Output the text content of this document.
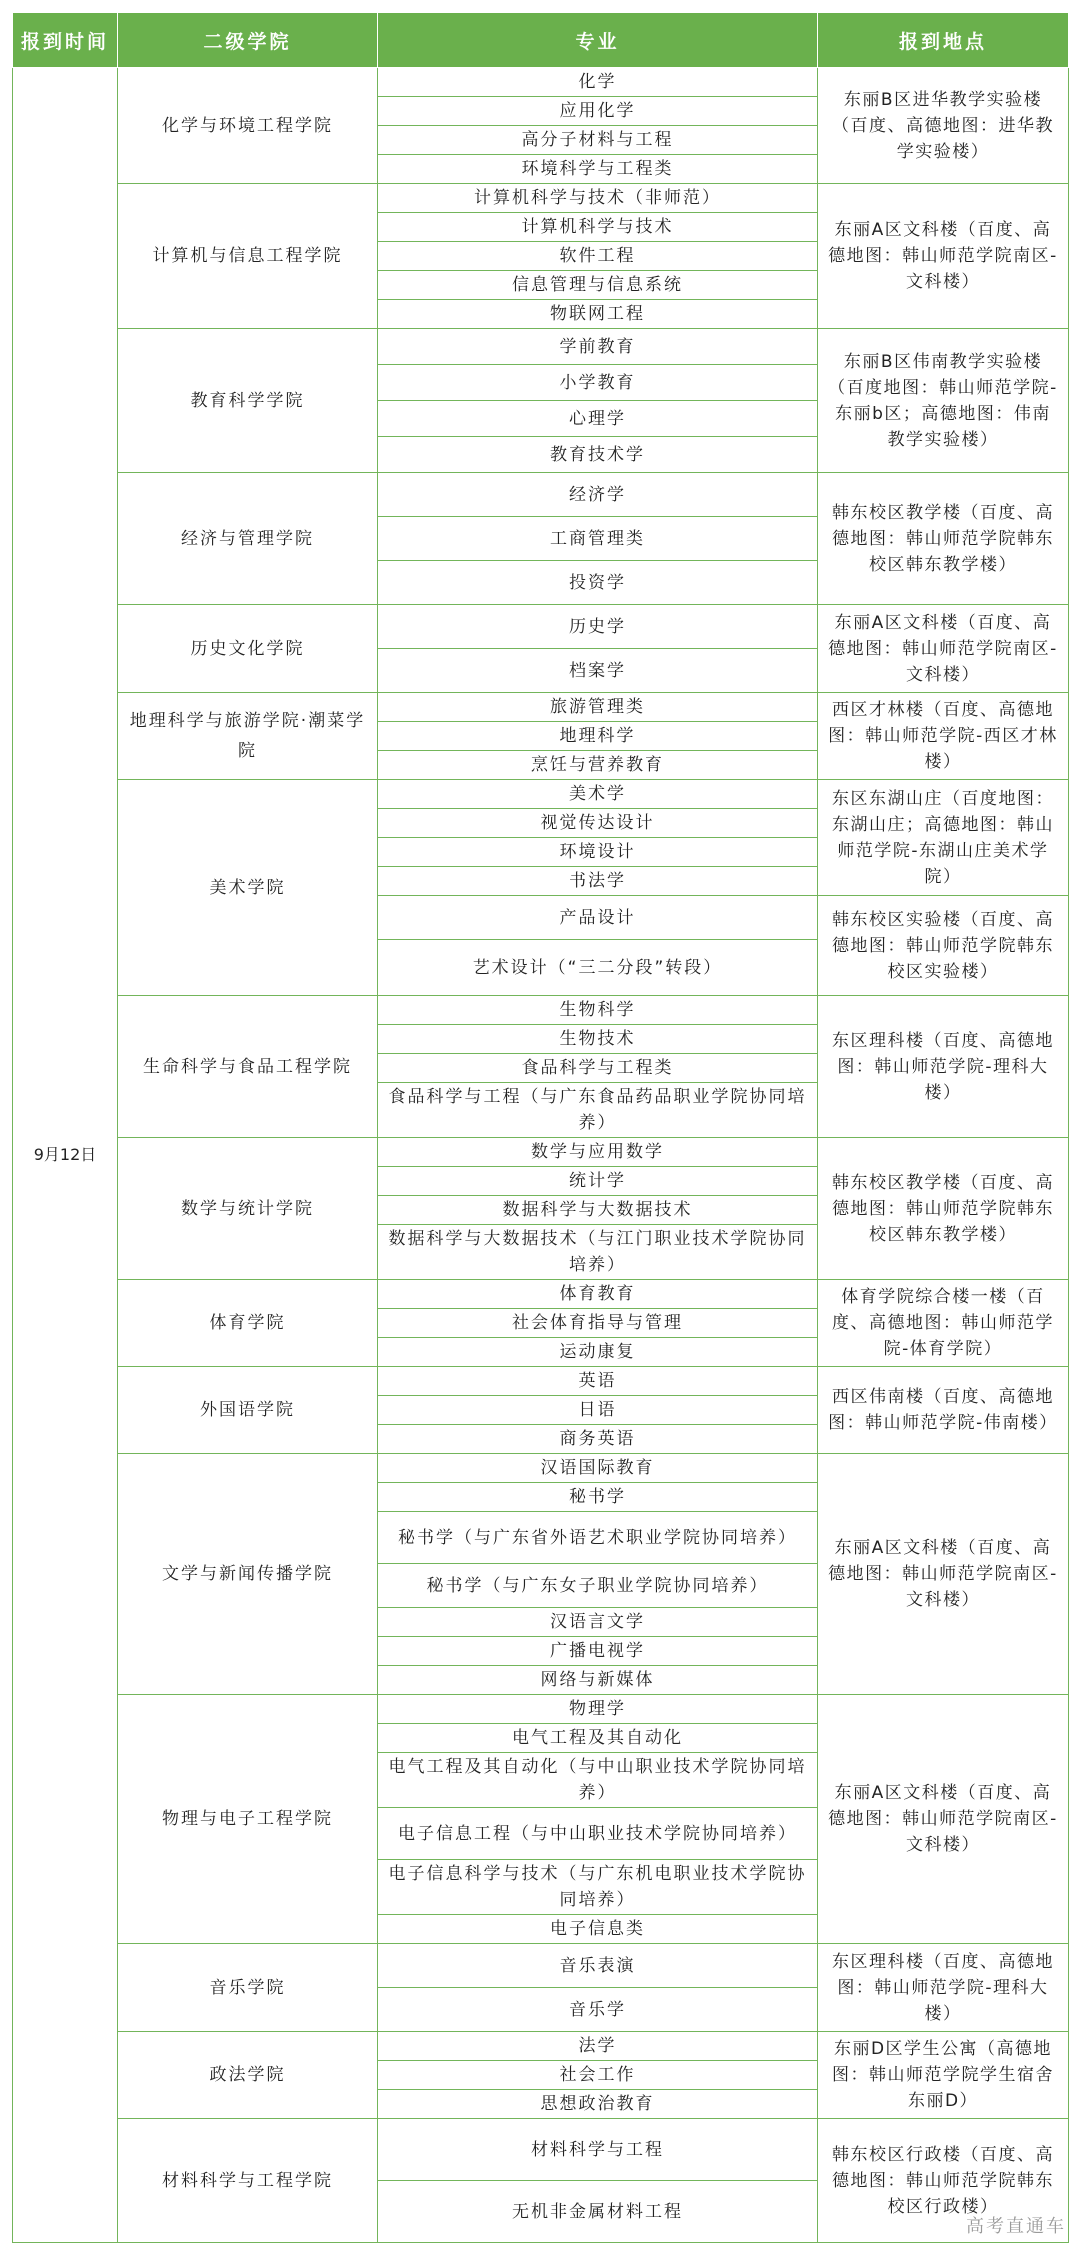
报到时间	二级学院	专业	报到地点
9月12日	化学与环境工程学院	化学	东丽B区进华教学实验楼（百度、高德地图：进华教学实验楼）
		应用化学	
		高分子材料与工程	
		环境科学与工程类	
	计算机与信息工程学院	计算机科学与技术（非师范）	东丽A区文科楼（百度、高德地图：韩山师范学院南区-文科楼）
		计算机科学与技术	
		软件工程	
		信息管理与信息系统	
		物联网工程	
	教育科学学院	学前教育	东丽B区伟南教学实验楼（百度地图：韩山师范学院-东丽b区；高德地图：伟南教学实验楼）
		小学教育	
		心理学	
		教育技术学	
	经济与管理学院	经济学	韩东校区教学楼（百度、高德地图：韩山师范学院韩东校区韩东教学楼）
		工商管理类	
		投资学	
	历史文化学院	历史学	东丽A区文科楼（百度、高德地图：韩山师范学院南区-文科楼）
		档案学	
	地理科学与旅游学院·潮菜学院	旅游管理类	西区才林楼（百度、高德地图：韩山师范学院-西区才林楼）
		地理科学	
		烹饪与营养教育	
	美术学院	美术学	东区东湖山庄（百度地图：东湖山庄；高德地图：韩山师范学院-东湖山庄美术学院）
		视觉传达设计	
		环境设计	
		书法学	
		产品设计	韩东校区实验楼（百度、高德地图：韩山师范学院韩东校区实验楼）
		艺术设计（“三二分段”转段）	
	生命科学与食品工程学院	生物科学	东区理科楼（百度、高德地图：韩山师范学院-理科大楼）
		生物技术	
		食品科学与工程类	
		食品科学与工程（与广东食品药品职业学院协同培养）	
	数学与统计学院	数学与应用数学	韩东校区教学楼（百度、高德地图：韩山师范学院韩东校区韩东教学楼）
		统计学	
		数据科学与大数据技术	
		数据科学与大数据技术（与江门职业技术学院协同培养）	
	体育学院	体育教育	体育学院综合楼一楼（百度、高德地图：韩山师范学院-体育学院）
		社会体育指导与管理	
		运动康复	
	外国语学院	英语	西区伟南楼（百度、高德地图：韩山师范学院-伟南楼）
		日语	
		商务英语	
	文学与新闻传播学院	汉语国际教育	东丽A区文科楼（百度、高德地图：韩山师范学院南区-文科楼）
		秘书学	
		秘书学（与广东省外语艺术职业学院协同培养）	
		秘书学（与广东女子职业学院协同培养）	
		汉语言文学	
		广播电视学	
		网络与新媒体	
	物理与电子工程学院	物理学	东丽A区文科楼（百度、高德地图：韩山师范学院南区-文科楼）
		电气工程及其自动化	
		电气工程及其自动化（与中山职业技术学院协同培养）	
		电子信息工程（与中山职业技术学院协同培养）	
		电子信息科学与技术（与广东机电职业技术学院协同培养）	
		电子信息类	
	音乐学院	音乐表演	东区理科楼（百度、高德地图：韩山师范学院-理科大楼）
		音乐学	
	政法学院	法学	东丽D区学生公寓（高德地图：韩山师范学院学生宿舍东丽D）
		社会工作	
		思想政治教育	
	材料科学与工程学院	材料科学与工程	韩东校区行政楼（百度、高德地图：韩山师范学院韩东校区行政楼）
		无机非金属材料工程	
高考直通车
